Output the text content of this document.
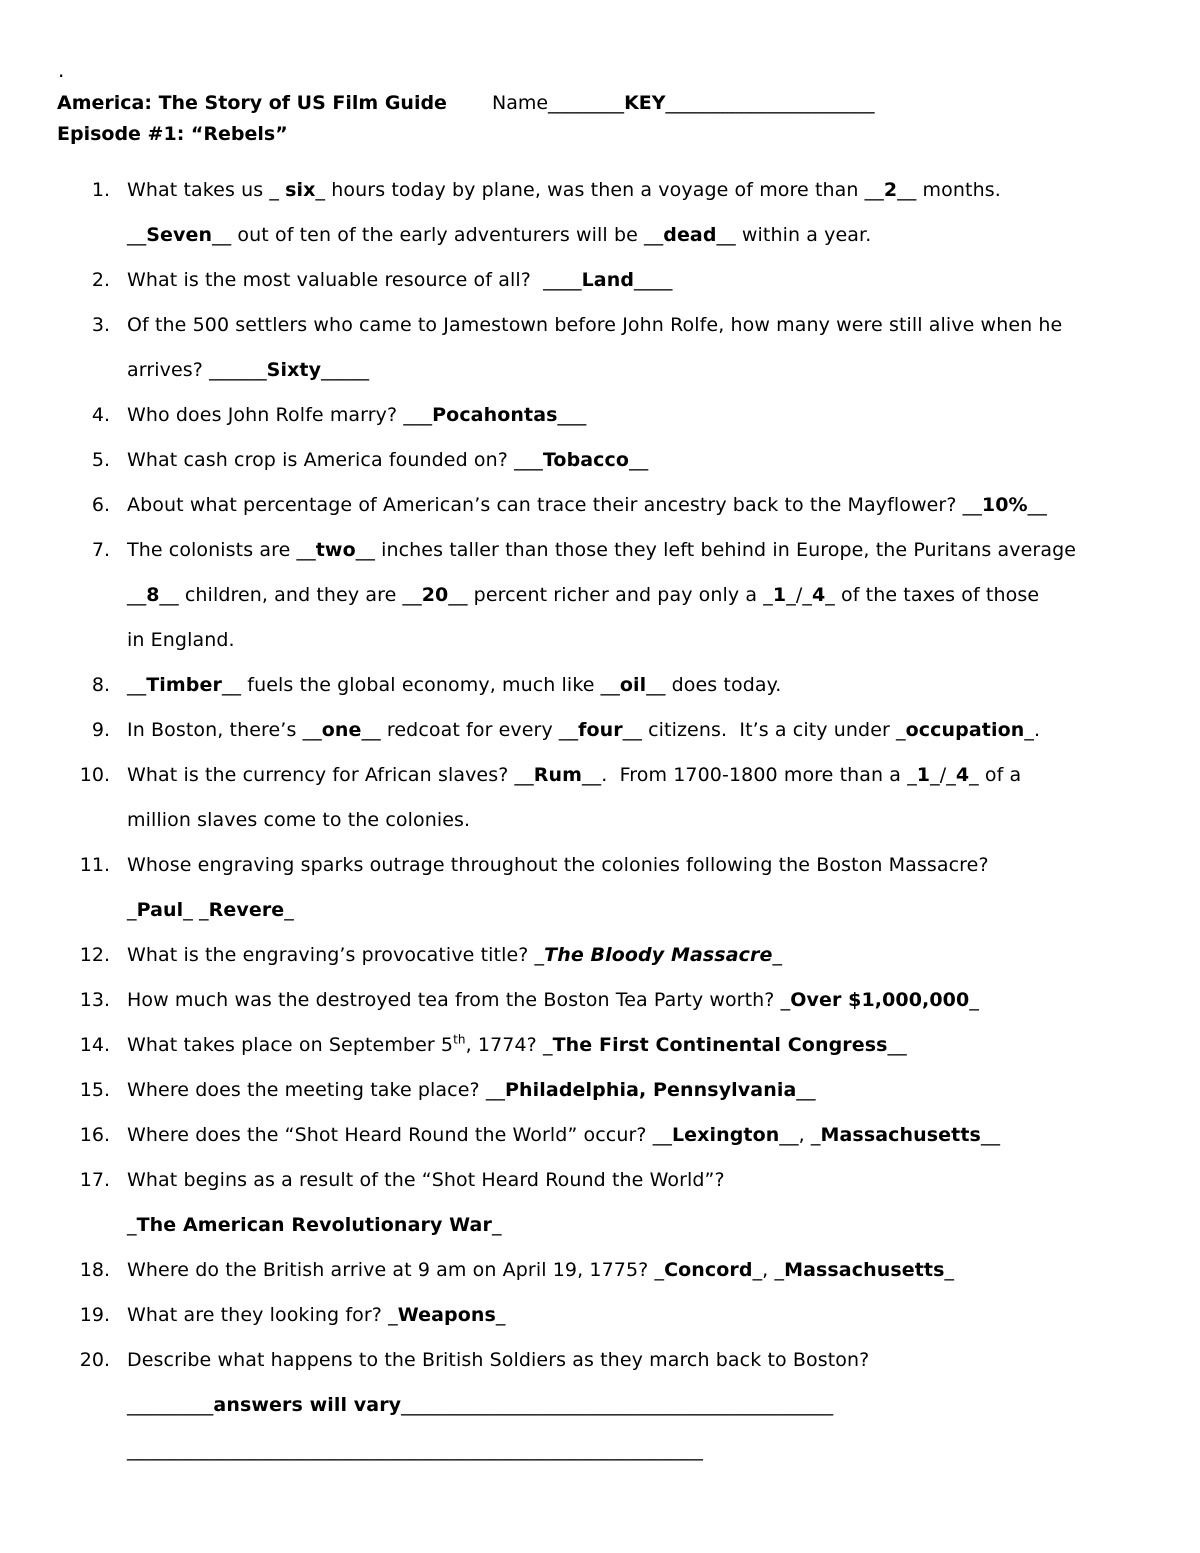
.
America: The Story of US Film Guide Name________KEY______________________
Episode #1: “Rebels”
1. What takes us _ six_ hours today by plane, was then a voyage of more than __2__ months.
__Seven__ out of ten of the early adventurers will be __dead__ within a year.
2. What is the most valuable resource of all?  ____Land____
3. Of the 500 settlers who came to Jamestown before John Rolfe, how many were still alive when he
arrives? ______Sixty_____
4. Who does John Rolfe marry? ___Pocahontas___
5. What cash crop is America founded on? ___Tobacco__
6. About what percentage of American’s can trace their ancestry back to the Mayflower? __10%__
7. The colonists are __two__ inches taller than those they left behind in Europe, the Puritans average
__8__ children, and they are __20__ percent richer and pay only a _1_/_4_ of the taxes of those
in England.
8. __Timber__ fuels the global economy, much like __oil__ does today.
9. In Boston, there’s __one__ redcoat for every __four__ citizens.  It’s a city under _occupation_.
10. What is the currency for African slaves? __Rum__.  From 1700-1800 more than a _1_/_4_ of a
million slaves come to the colonies.
11. Whose engraving sparks outrage throughout the colonies following the Boston Massacre?
_Paul_ _Revere_
12. What is the engraving’s provocative title? _The Bloody Massacre_
13. How much was the destroyed tea from the Boston Tea Party worth? _Over $1,000,000_
14. What takes place on September 5th, 1774? _The First Continental Congress__
15. Where does the meeting take place? __Philadelphia, Pennsylvania__
16. Where does the “Shot Heard Round the World” occur? __Lexington__, _Massachusetts__
17. What begins as a result of the “Shot Heard Round the World”?
_The American Revolutionary War_
18. Where do the British arrive at 9 am on April 19, 1775? _Concord_, _Massachusetts_
19. What are they looking for? _Weapons_
20. Describe what happens to the British Soldiers as they march back to Boston?
_________answers will vary_____________________________________________
____________________________________________________________
